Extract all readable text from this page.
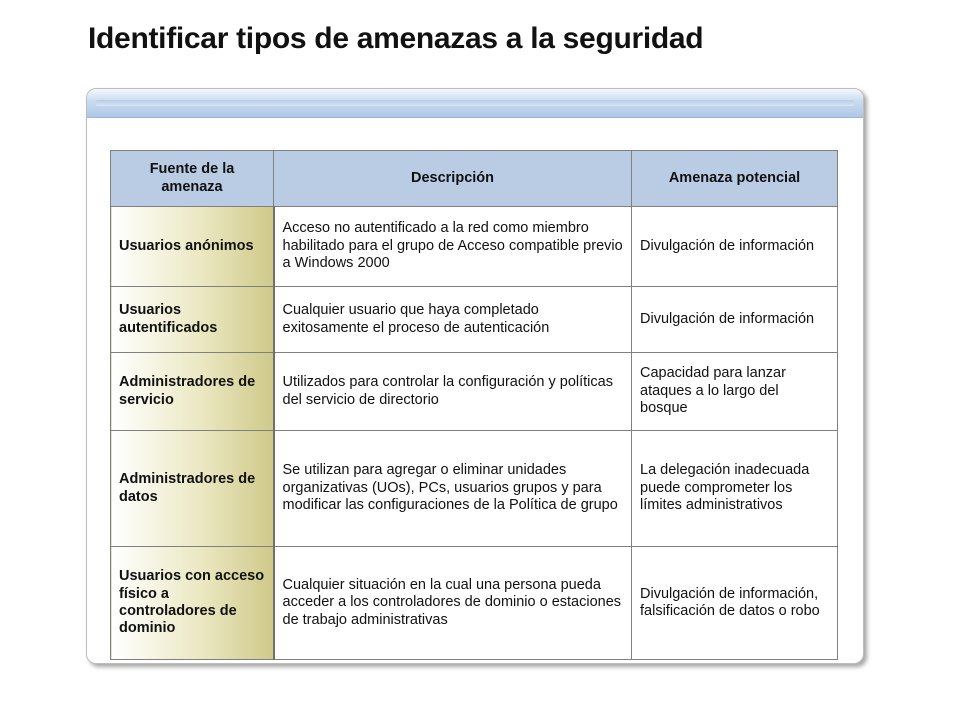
Identificar tipos de amenazas a la seguridad
Fuente de la amenaza	Descripción	Amenaza potencial
Usuarios anónimos	Acceso no autentificado a la red como miembro habilitado para el grupo de Acceso compatible previo a Windows 2000	Divulgación de información
Usuarios autentificados	Cualquier usuario que haya completado exitosamente el proceso de autenticación	Divulgación de información
Administradores de servicio	Utilizados para controlar la configuración y políticas del servicio de directorio	Capacidad para lanzar ataques a lo largo del bosque
Administradores de datos	Se utilizan para agregar o eliminar unidades organizativas (UOs), PCs, usuarios grupos y para modificar las configuraciones de la Política de grupo	La delegación inadecuada puede comprometer los límites administrativos
Usuarios con acceso físico a controladores de dominio	Cualquier situación en la cual una persona pueda acceder a los controladores de dominio o estaciones de trabajo administrativas	Divulgación de información, falsificación de datos o robo
